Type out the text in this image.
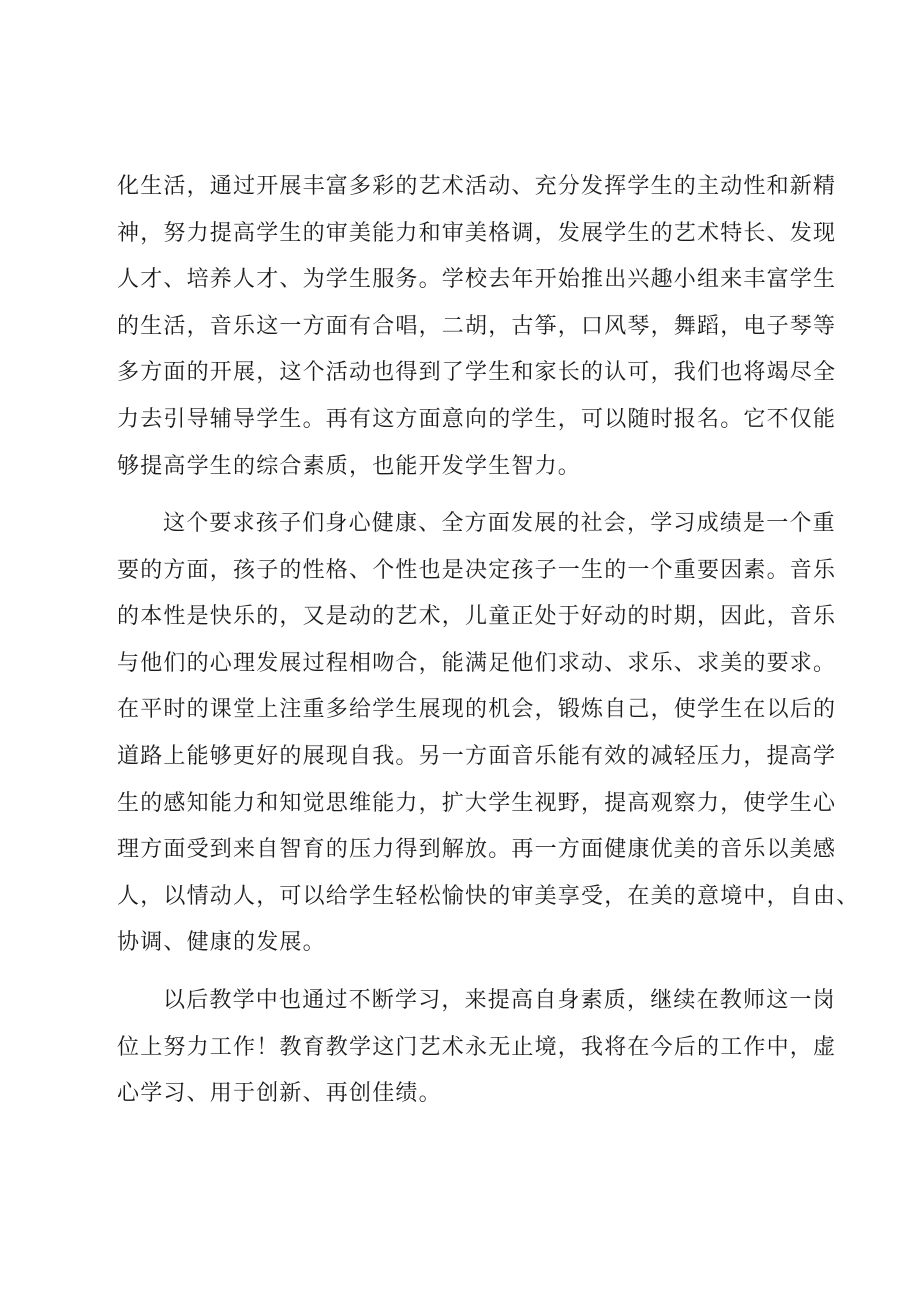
化生活，通过开展丰富多彩的艺术活动、充分发挥学生的主动性和新精
神，努力提高学生的审美能力和审美格调，发展学生的艺术特长、发现
人才、培养人才、为学生服务。学校去年开始推出兴趣小组来丰富学生
的生活，音乐这一方面有合唱，二胡，古筝，口风琴，舞蹈，电子琴等
多方面的开展，这个活动也得到了学生和家长的认可，我们也将竭尽全
力去引导辅导学生。再有这方面意向的学生，可以随时报名。它不仅能
够提高学生的综合素质，也能开发学生智力。
这个要求孩子们身心健康、全方面发展的社会，学习成绩是一个重
要的方面，孩子的性格、个性也是决定孩子一生的一个重要因素。音乐
的本性是快乐的，又是动的艺术，儿童正处于好动的时期，因此，音乐
与他们的心理发展过程相吻合，能满足他们求动、求乐、求美的要求。
在平时的课堂上注重多给学生展现的机会，锻炼自己，使学生在以后的
道路上能够更好的展现自我。另一方面音乐能有效的减轻压力，提高学
生的感知能力和知觉思维能力，扩大学生视野，提高观察力，使学生心
理方面受到来自智育的压力得到解放。再一方面健康优美的音乐以美感
人，以情动人，可以给学生轻松愉快的审美享受，在美的意境中，自由、
协调、健康的发展。
以后教学中也通过不断学习，来提高自身素质，继续在教师这一岗
位上努力工作！教育教学这门艺术永无止境，我将在今后的工作中，虚
心学习、用于创新、再创佳绩。
